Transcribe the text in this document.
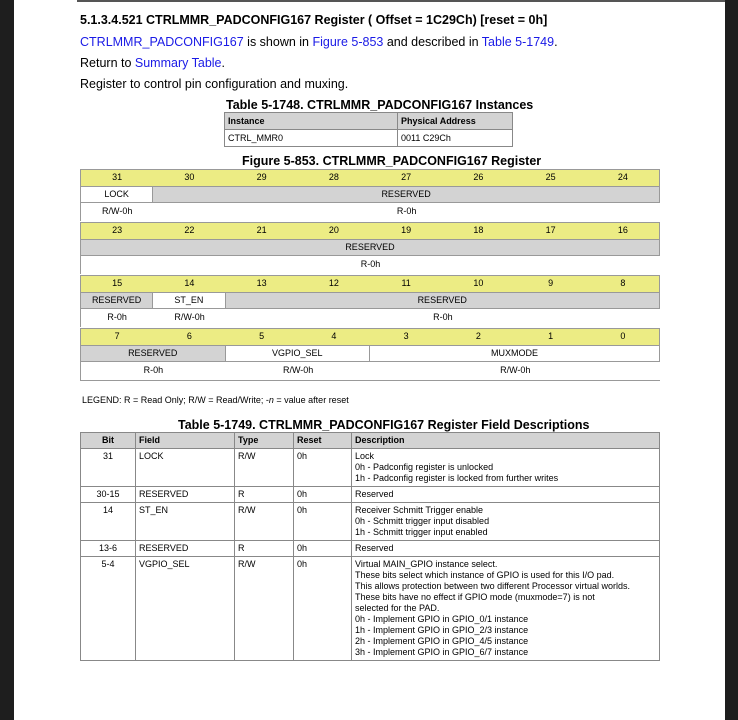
5.1.3.4.521 CTRLMMR_PADCONFIG167 Register ( Offset = 1C29Ch) [reset = 0h]
CTRLMMR_PADCONFIG167 is shown in Figure 5-853 and described in Table 5-1749.
Return to Summary Table.
Register to control pin configuration and muxing.
Table 5-1748. CTRLMMR_PADCONFIG167 Instances
Instance	Physical Address
CTRL_MMR0	0011 C29Ch
Figure 5-853. CTRLMMR_PADCONFIG167 Register
31	30	29	28	27	26	25	24
LOCK	RESERVED
R/W-0h	R-0h
23	22	21	20	19	18	17	16
RESERVED
R-0h
15	14	13	12	11	10	9	8
RESERVED	ST_EN	RESERVED
R-0h	R/W-0h	R-0h
7	6	5	4	3	2	1	0
RESERVED	VGPIO_SEL	MUXMODE
R-0h	R/W-0h	R/W-0h
LEGEND: R = Read Only; R/W = Read/Write; -n = value after reset
Table 5-1749. CTRLMMR_PADCONFIG167 Register Field Descriptions
Bit	Field	Type	Reset	Description
31	LOCK	R/W	0h	Lock
0h - Padconfig register is unlocked
1h - Padconfig register is locked from further writes

30-15	RESERVED	R	0h	Reserved

14	ST_EN	R/W	0h	Receiver Schmitt Trigger enable
0h - Schmitt trigger input disabled
1h - Schmitt trigger input enabled

13-6	RESERVED	R	0h	Reserved

5-4	VGPIO_SEL	R/W	0h	Virtual MAIN_GPIO instance select.
These bits select which instance of GPIO is used for this I/O pad.
This allows protection between two different Processor virtual worlds.
These bits have no effect if GPIO mode (muxmode=7) is not
selected for the PAD.
0h - Implement GPIO in GPIO_0/1 instance
1h - Implement GPIO in GPIO_2/3 instance
2h - Implement GPIO in GPIO_4/5 instance
3h - Implement GPIO in GPIO_6/7 instance
